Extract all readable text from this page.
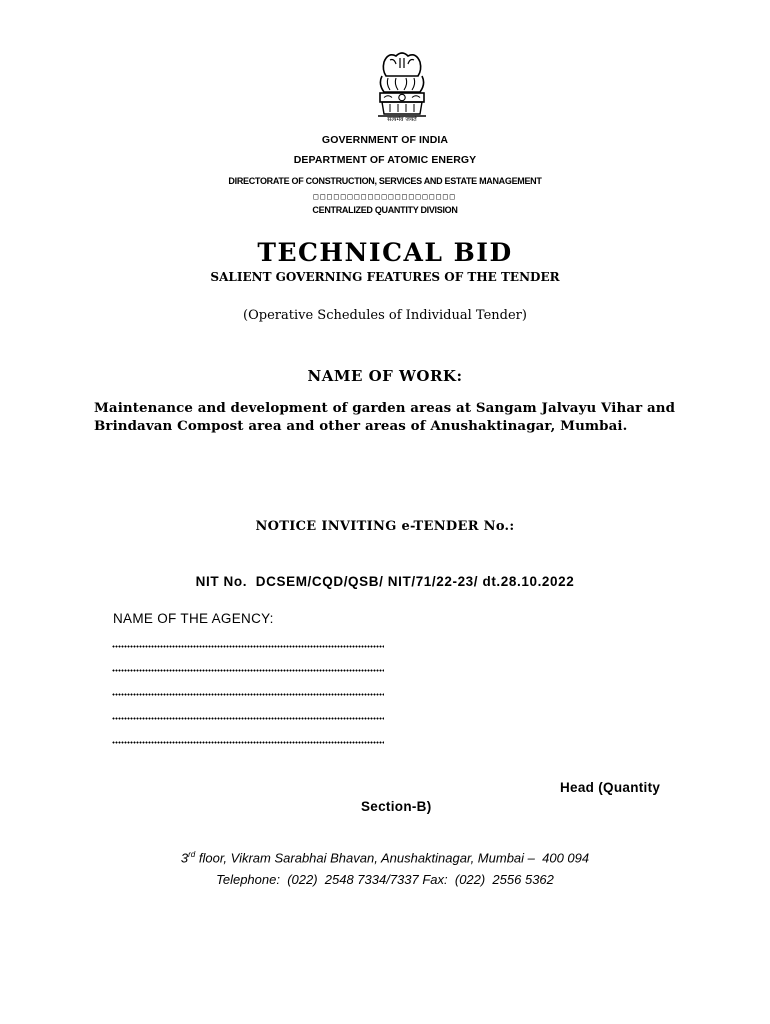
सत्यमेव जयते
GOVERNMENT OF INDIA
DEPARTMENT OF ATOMIC ENERGY
DIRECTORATE OF CONSTRUCTION, SERVICES AND ESTATE MANAGEMENT
□□□□□□□□□□□□□□□□□□□□□
CENTRALIZED QUANTITY DIVISION
TECHNICAL BID
SALIENT GOVERNING FEATURES OF THE TENDER
(Operative Schedules of Individual Tender)
NAME OF WORK:
Maintenance and development of garden areas at Sangam Jalvayu Vihar and
Brindavan Compost area and other areas of Anushaktinagar, Mumbai.
NOTICE INVITING e-TENDER No.:
NIT No.  DCSEM/CQD/QSB/ NIT/71/22-23/ dt.28.10.2022
NAME OF THE AGENCY:
Head (Quantity
Section-B)
3rd floor, Vikram Sarabhai Bhavan, Anushaktinagar, Mumbai –  400 094
Telephone:  (022)  2548 7334/7337 Fax:  (022)  2556 5362
